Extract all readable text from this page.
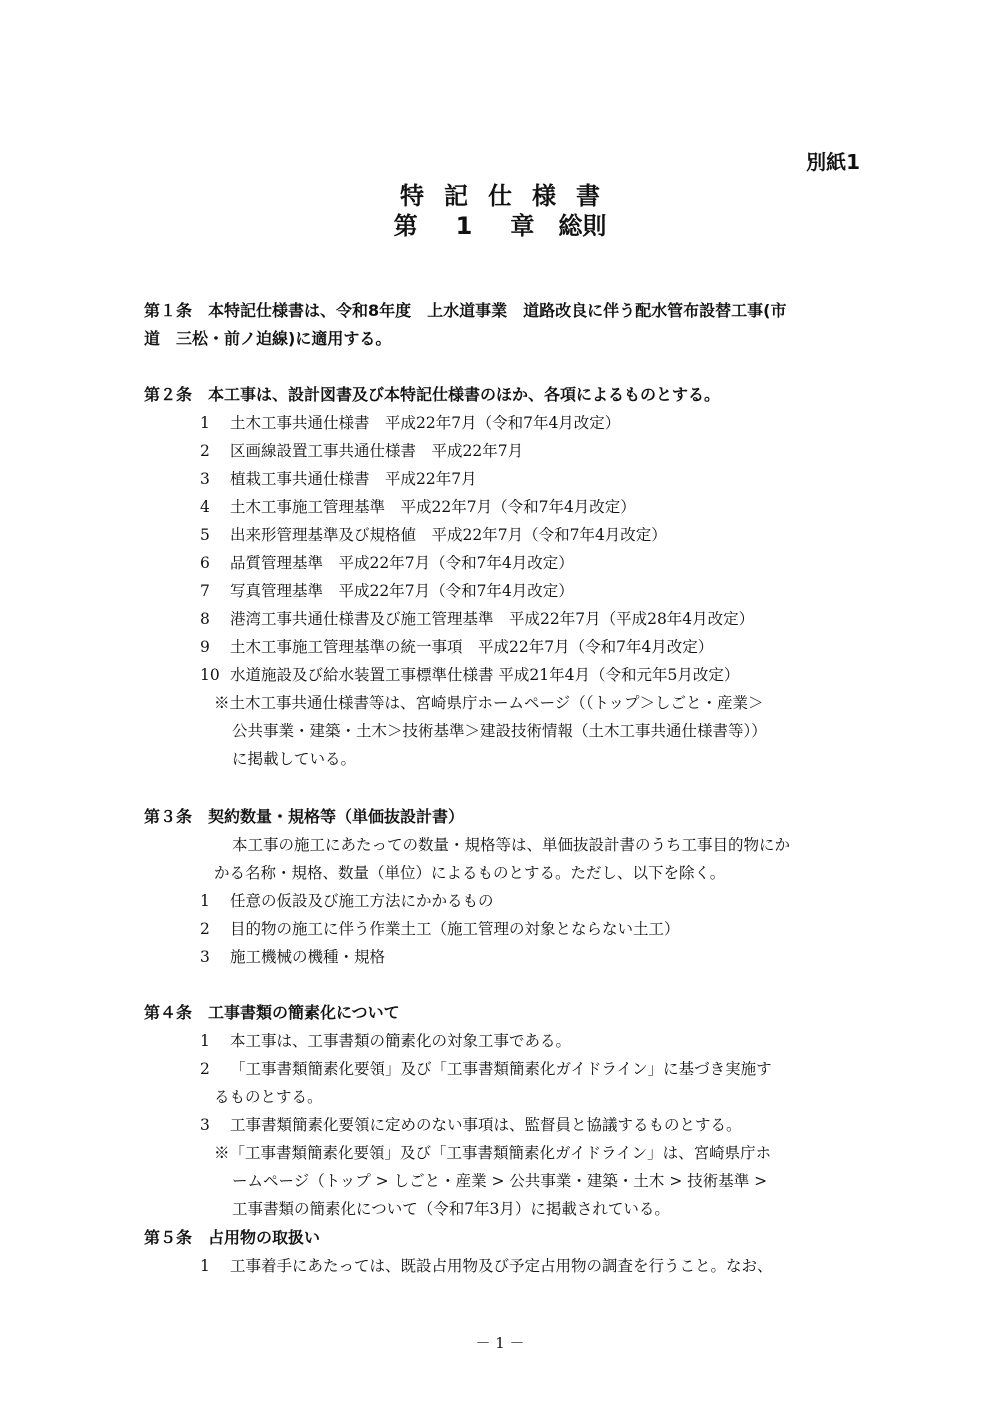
別紙1
特記仕様書
第 1 章 総則
第１条　本特記仕様書は、令和8年度　上水道事業　道路改良に伴う配水管布設替工事(市
道　三松・前ノ迫線)に適用する。
第２条　本工事は、設計図書及び本特記仕様書のほか、各項によるものとする。
1 土木工事共通仕様書　平成22年7月（令和7年4月改定）
2 区画線設置工事共通仕様書　平成22年7月
3 植栽工事共通仕様書　平成22年7月
4 土木工事施工管理基準　平成22年7月（令和7年4月改定）
5 出来形管理基準及び規格値　平成22年7月（令和7年4月改定）
6 品質管理基準　平成22年7月（令和7年4月改定）
7 写真管理基準　平成22年7月（令和7年4月改定）
8 港湾工事共通仕様書及び施工管理基準　平成22年7月（平成28年4月改定）
9 土木工事施工管理基準の統一事項　平成22年7月（令和7年4月改定）
10 水道施設及び給水装置工事標準仕様書 平成21年4月（令和元年5月改定）
※土木工事共通仕様書等は、宮崎県庁ホームページ（（トップ＞しごと・産業＞
公共事業・建築・土木＞技術基準＞建設技術情報（土木工事共通仕様書等））
に掲載している。
第３条　契約数量・規格等（単価抜設計書）
本工事の施工にあたっての数量・規格等は、単価抜設計書のうち工事目的物にか
かる名称・規格、数量（単位）によるものとする。ただし、以下を除く。
1 任意の仮設及び施工方法にかかるもの
2 目的物の施工に伴う作業土工（施工管理の対象とならない土工）
3 施工機械の機種・規格
第４条　工事書類の簡素化について
1 本工事は、工事書類の簡素化の対象工事である。
2 「工事書類簡素化要領」及び「工事書類簡素化ガイドライン」に基づき実施す
るものとする。
3 工事書類簡素化要領に定めのない事項は、監督員と協議するものとする。
※「工事書類簡素化要領」及び「工事書類簡素化ガイドライン」は、宮崎県庁ホ
ームページ（トップ > しごと・産業 > 公共事業・建築・土木 > 技術基準 >
工事書類の簡素化について（令和7年3月）に掲載されている。
第５条　占用物の取扱い
1 工事着手にあたっては、既設占用物及び予定占用物の調査を行うこと。なお、
－ 1 －
